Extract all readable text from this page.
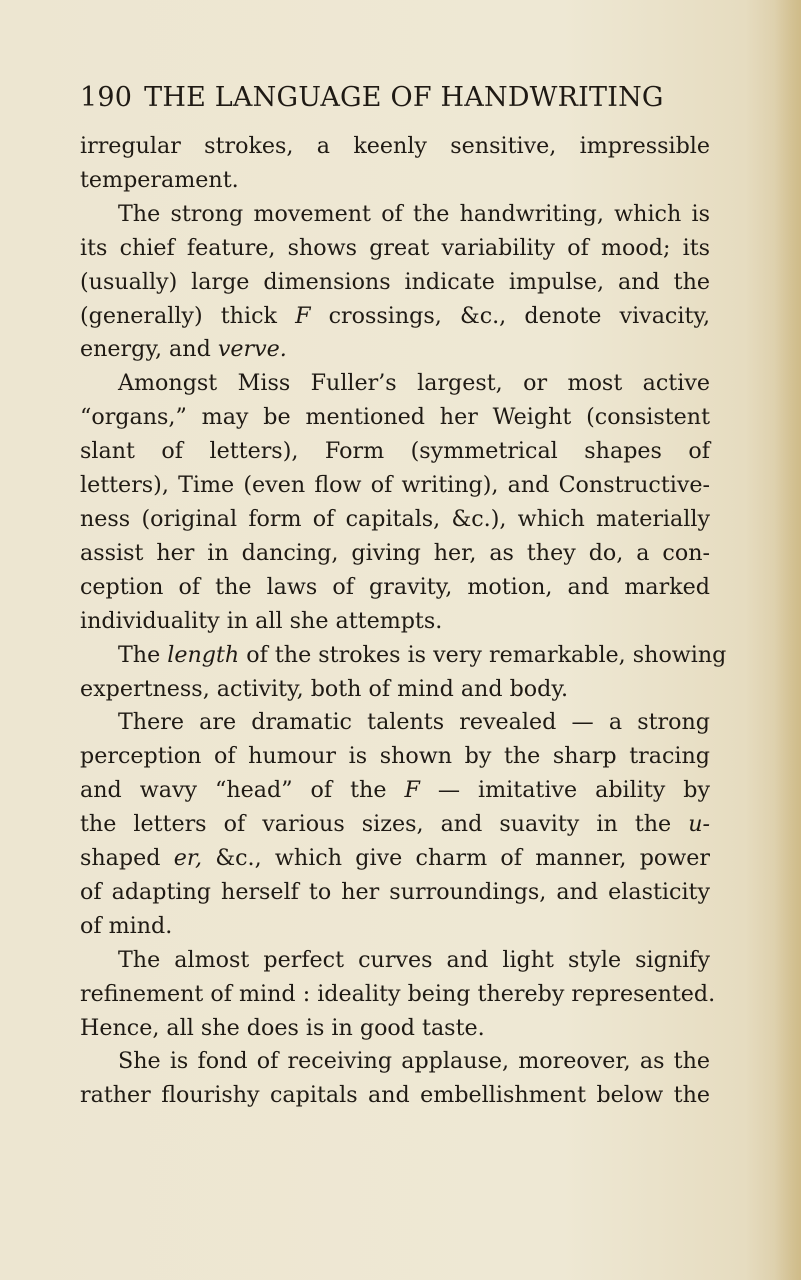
190 THE LANGUAGE OF HANDWRITING
irregular strokes, a keenly sensitive, impressible
temperament.
The strong movement of the handwriting, which is
its chief feature, shows great variability of mood; its
(usually) large dimensions indicate impulse, and the
(generally) thick F crossings, &c., denote vivacity,
energy, and verve.
Amongst Miss Fuller’s largest, or most active
“organs,” may be mentioned her Weight (consistent
slant of letters), Form (symmetrical shapes of
letters), Time (even flow of writing), and Constructive-
ness (original form of capitals, &c.), which materially
assist her in dancing, giving her, as they do, a con-
ception of the laws of gravity, motion, and marked
individuality in all she attempts.
The length of the strokes is very remarkable, showing
expertness, activity, both of mind and body.
There are dramatic talents revealed — a strong
perception of humour is shown by the sharp tracing
and wavy “head” of the F — imitative ability by
the letters of various sizes, and suavity in the u-
shaped er, &c., which give charm of manner, power
of adapting herself to her surroundings, and elasticity
of mind.
The almost perfect curves and light style signify
refinement of mind : ideality being thereby represented.
Hence, all she does is in good taste.
She is fond of receiving applause, moreover, as the
rather flourishy capitals and embellishment below the
